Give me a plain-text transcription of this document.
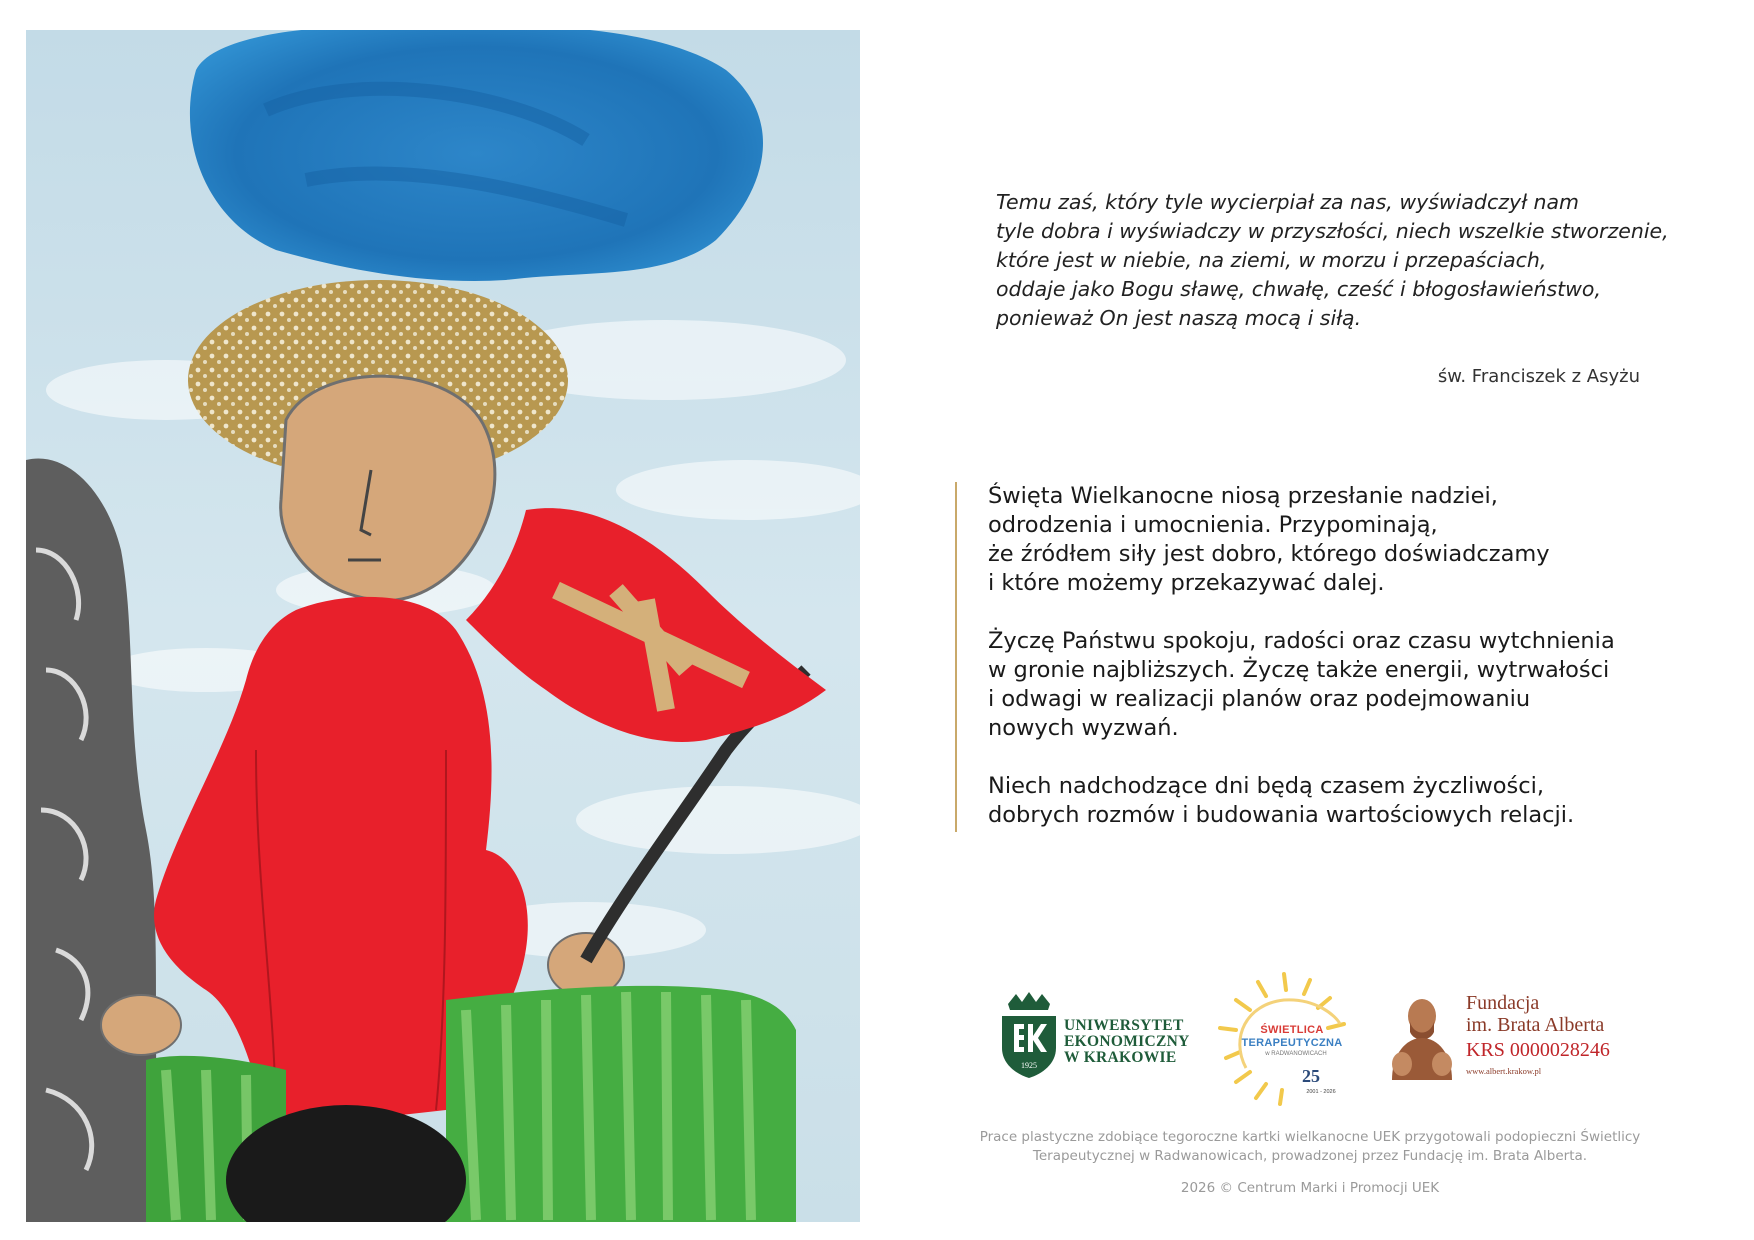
Temu zaś, który tyle wycierpiał za nas, wyświadczył nam
tyle dobra i wyświadczy w przyszłości, niech wszelkie stworzenie,
które jest w niebie, na ziemi, w morzu i przepaściach,
oddaje jako Bogu sławę, chwałę, cześć i błogosławieństwo,
ponieważ On jest naszą mocą i siłą.
św. Franciszek z Asyżu
Święta Wielkanocne niosą przesłanie nadziei,
odrodzenia i umocnienia. Przypominają,
że źródłem siły jest dobro, którego doświadczamy
i które możemy przekazywać dalej.
Życzę Państwu spokoju, radości oraz czasu wytchnienia
w gronie najbliższych. Życzę także energii, wytrwałości
i odwagi w realizacji planów oraz podejmowaniu
nowych wyzwań.
Niech nadchodzące dni będą czasem życzliwości,
dobrych rozmów i budowania wartościowych relacji.
1925
UNIWERSYTET
EKONOMICZNY
W KRAKOWIE
ŚWIETLICA
TERAPEUTYCZNA
w RADWANOWICACH
25
2001 - 2026
Fundacja
im. Brata Alberta
KRS 0000028246
www.albert.krakow.pl
Prace plastyczne zdobiące tegoroczne kartki wielkanocne UEK przygotowali podopieczni Świetlicy
Terapeutycznej w Radwanowicach, prowadzonej przez Fundację im. Brata Alberta.
2026 © Centrum Marki i Promocji UEK
